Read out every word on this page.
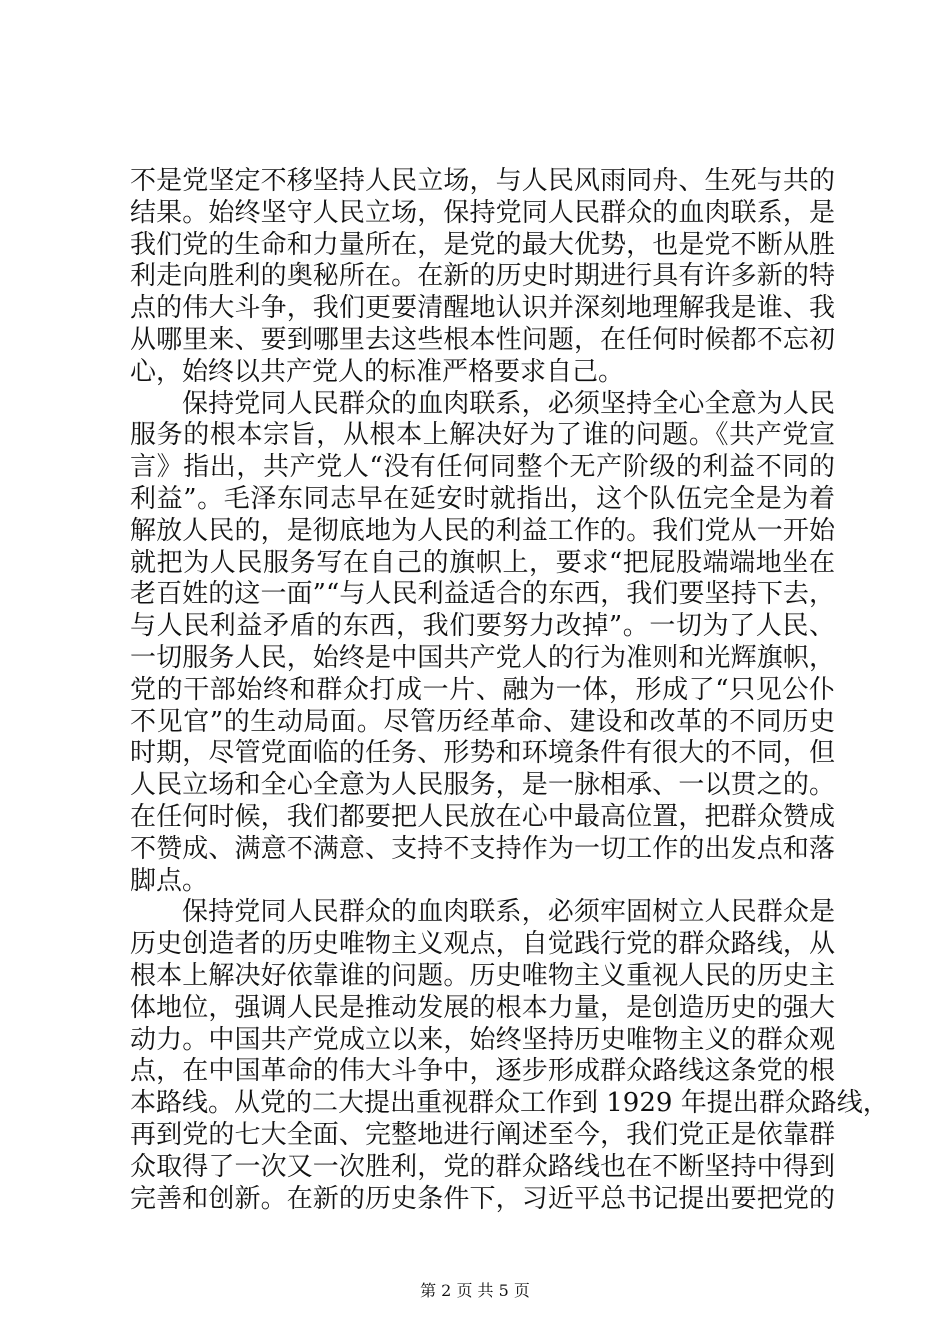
不是党坚定不移坚持人民立场，与人民风雨同舟、生死与共的
结果。始终坚守人民立场，保持党同人民群众的血肉联系，是
我们党的生命和力量所在，是党的最大优势，也是党不断从胜
利走向胜利的奥秘所在。在新的历史时期进行具有许多新的特
点的伟大斗争，我们更要清醒地认识并深刻地理解我是谁、我
从哪里来、要到哪里去这些根本性问题，在任何时候都不忘初
心，始终以共产党人的标准严格要求自己。
保持党同人民群众的血肉联系，必须坚持全心全意为人民
服务的根本宗旨，从根本上解决好为了谁的问题。《共产党宣
言》指出，共产党人“没有任何同整个无产阶级的利益不同的
利益”。毛泽东同志早在延安时就指出，这个队伍完全是为着
解放人民的，是彻底地为人民的利益工作的。我们党从一开始
就把为人民服务写在自己的旗帜上，要求“把屁股端端地坐在
老百姓的这一面”“与人民利益适合的东西，我们要坚持下去，
与人民利益矛盾的东西，我们要努力改掉”。一切为了人民、
一切服务人民，始终是中国共产党人的行为准则和光辉旗帜，
党的干部始终和群众打成一片、融为一体，形成了“只见公仆
不见官”的生动局面。尽管历经革命、建设和改革的不同历史
时期，尽管党面临的任务、形势和环境条件有很大的不同，但
人民立场和全心全意为人民服务，是一脉相承、一以贯之的。
在任何时候，我们都要把人民放在心中最高位置，把群众赞成
不赞成、满意不满意、支持不支持作为一切工作的出发点和落
脚点。
保持党同人民群众的血肉联系，必须牢固树立人民群众是
历史创造者的历史唯物主义观点，自觉践行党的群众路线，从
根本上解决好依靠谁的问题。历史唯物主义重视人民的历史主
体地位，强调人民是推动发展的根本力量，是创造历史的强大
动力。中国共产党成立以来，始终坚持历史唯物主义的群众观
点，在中国革命的伟大斗争中，逐步形成群众路线这条党的根
本路线。从党的二大提出重视群众工作到 1929 年提出群众路线，
再到党的七大全面、完整地进行阐述至今，我们党正是依靠群
众取得了一次又一次胜利，党的群众路线也在不断坚持中得到
完善和创新。在新的历史条件下，习近平总书记提出要把党的
第 2 页 共 5 页
